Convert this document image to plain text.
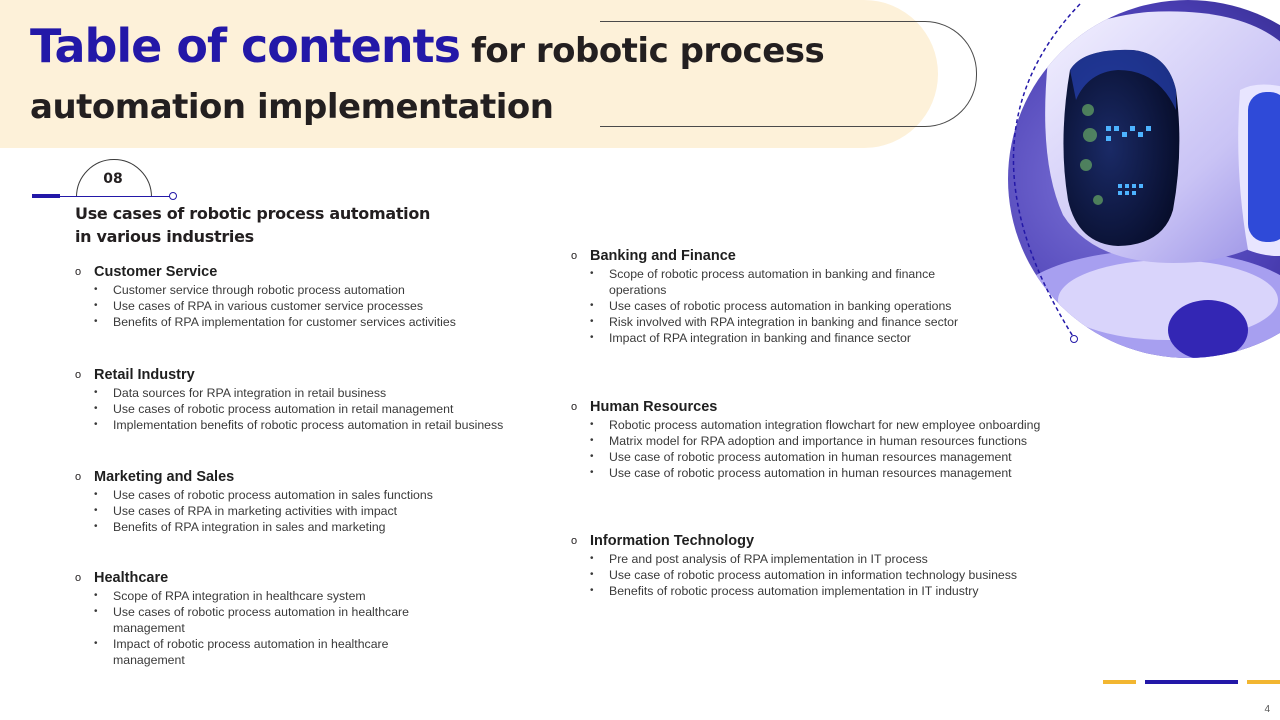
Table of contents for robotic process automation implementation
08
Use cases of robotic process automation in various industries
o Customer Service
• Customer service through robotic process automation
• Use cases of RPA in various customer service processes
• Benefits of RPA implementation for customer services activities
o Retail Industry
• Data sources for RPA integration in retail business
• Use cases of robotic process automation in retail management
• Implementation benefits of robotic process automation in retail business
o Marketing and Sales
• Use cases of robotic process automation in sales functions
• Use cases of RPA in marketing activities with impact
• Benefits of RPA integration in sales and marketing
o Healthcare
• Scope of RPA integration in healthcare system
• Use cases of robotic process automation in healthcare management
• Impact of robotic process automation in healthcare management
o Banking and Finance
• Scope of robotic process automation in banking and finance operations
• Use cases of robotic process automation in banking operations
• Risk involved with RPA integration in banking and finance sector
• Impact of RPA integration in banking and finance sector
o Human Resources
• Robotic process automation integration flowchart for new employee onboarding
• Matrix model for RPA adoption and importance in human resources functions
• Use case of robotic process automation in human resources management
• Use case of robotic process automation in human resources management
o Information Technology
• Pre and post analysis of RPA implementation in IT process
• Use case of robotic process automation in information technology business
• Benefits of robotic process automation implementation in IT industry
4
